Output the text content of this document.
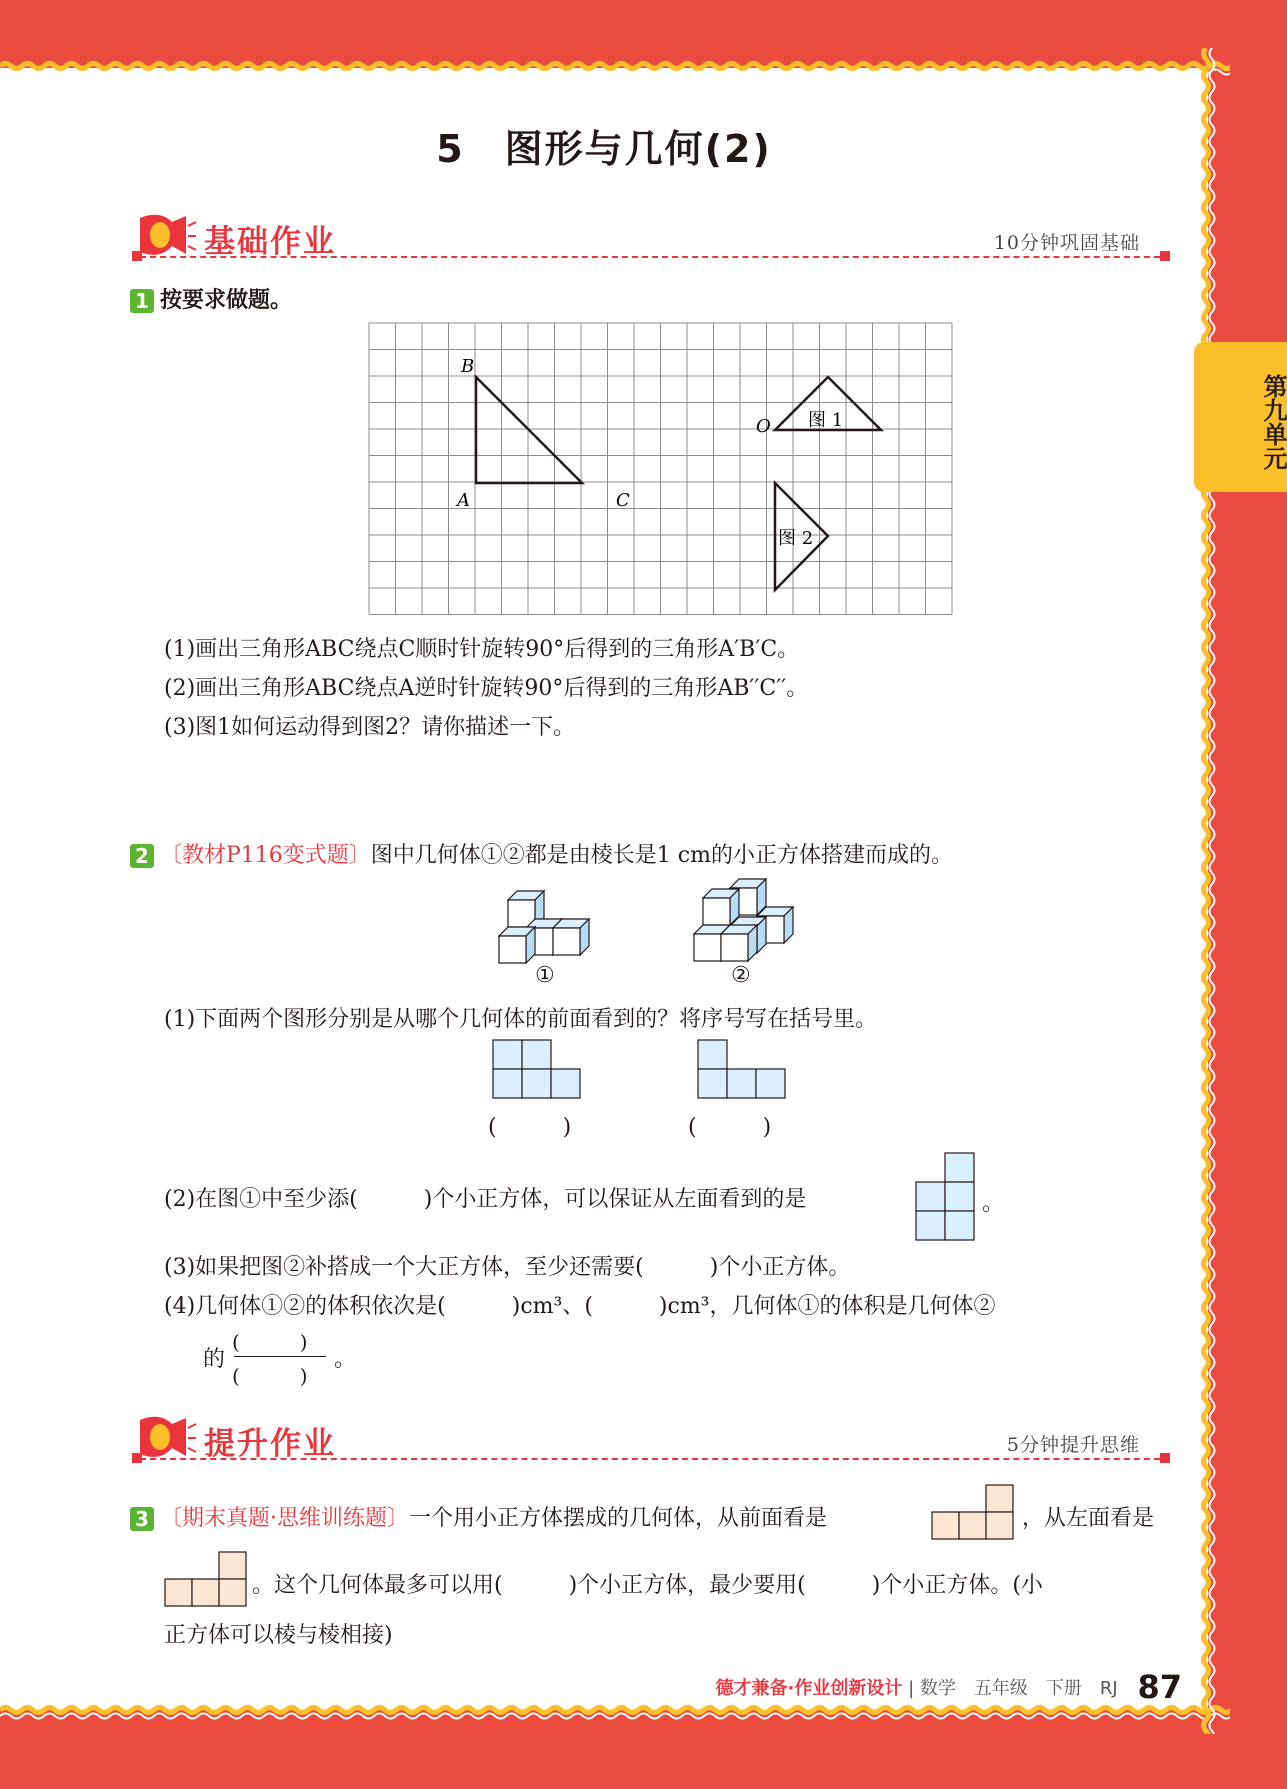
第九单元
5　图形与几何(2)
基础作业	10分钟巩固基础
1 按要求做题。
B
A	C
O 图 1
图 2
(1)画出三角形ABC绕点C顺时针旋转90°后得到的三角形A′B′C。
(2)画出三角形ABC绕点A逆时针旋转90°后得到的三角形AB′′C′′。
(3)图1如何运动得到图2？请你描述一下。
2 〔教材P116变式题〕图中几何体①②都是由棱长是1 cm的小正方体搭建而成的。
①	②
(1)下面两个图形分别是从哪个几何体的前面看到的？将序号写在括号里。
(　　　)	(　　　)
(2)在图①中至少添(　　　)个小正方体，可以保证从左面看到的是	。
(3)如果把图②补搭成一个大正方体，至少还需要(　　　)个小正方体。
(4)几何体①②的体积依次是(　　　)cm³、(　　　)cm³，几何体①的体积是几何体②
的
(　　　)
(　　　)
。
提升作业	5分钟提升思维
3 〔期末真题·思维训练题〕一个用小正方体摆成的几何体，从前面看是	，从左面看是
。这个几何体最多可以用(　　　)个小正方体，最少要用(　　　)个小正方体。(小
正方体可以棱与棱相接)
德才兼备·作业创新设计 | 数学　五年级　下册　RJ 87
